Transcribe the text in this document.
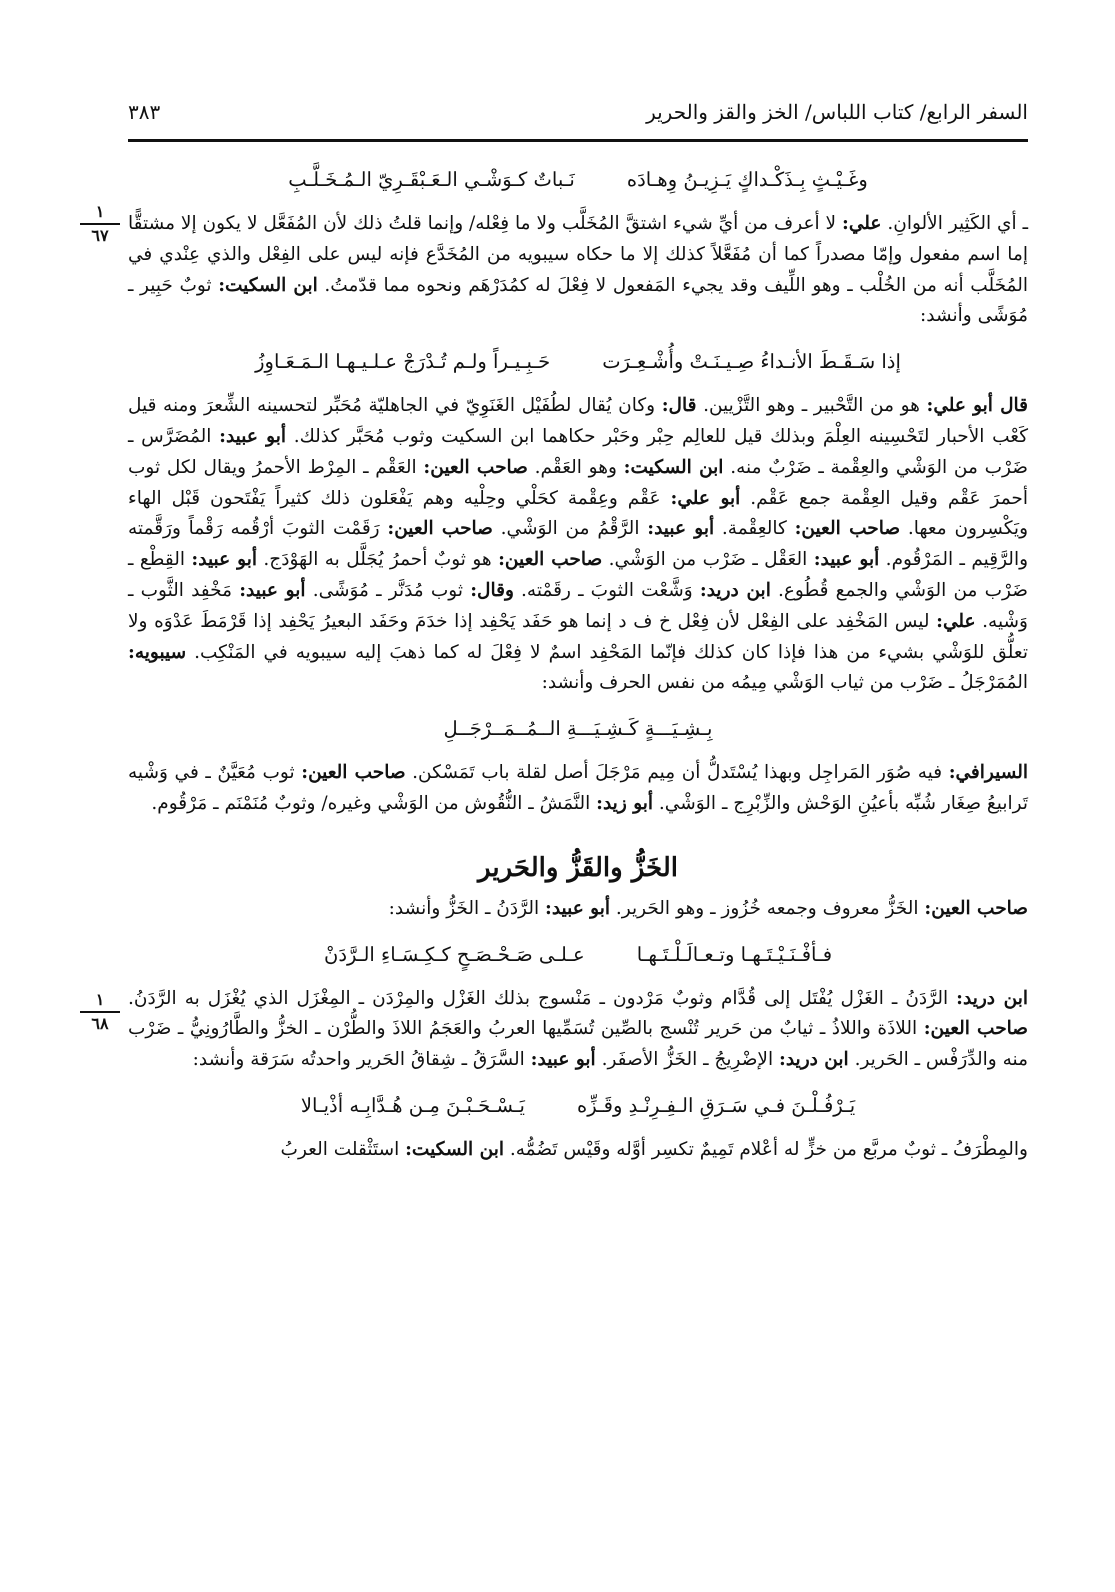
السفر الرابع/ كتاب اللباس/ الخز والقز والحرير
٣٨٣
١
٦٧
١
٦٨
وغَـيْـثٍ بِـذَكْـداكٍ يَـزِيـنُ وِهـادَه
نَـباتٌ كـوَشْـي الـعَـبْقَـرِيّ الـمُـخَـلَّـبِ

ـ أي الكَثِير الألوانِ. علي: لا أعرف من أيِّ شيء اشتقَّ المُخَلَّب ولا ما فِعْله/ وإنما قلتُ ذلك لأن المُفَعَّل لا يكون إلا مشتقًّا إما اسم مفعول وإمّا مصدراً كما أن مُفَعَّلاً كذلك إلا ما حكاه سيبويه من المُخَدَّع فإنه ليس على الفِعْل والذي عِنْدي في المُخَلَّب أنه من الخُلْب ـ وهو اللِّيف وقد يجيء المَفعول لا فِعْلَ له كمُدَرْهَم ونحوه مما قدّمتُ. ابن السكيت: ثوبٌ حَبِير ـ مُوَشًى وأنشد:

إذا سَـقَـطَ الأنـداءُ صِـيـنَـتْ وأُشْـعِـرَت
حَـبِـيـراً ولـم تُـدْرَجْ عـلـيـهـا الـمَـعَـاوِزُ

قال أبو علي: هو من التَّحْبير ـ وهو التَّزْيين. قال: وكان يُقال لطُفَيْل الغَنَوِيّ في الجاهليّة مُحَبِّر لتحسينه الشِّعرَ ومنه قيل كَعْب الأحبار لتَحْسِينه العِلْمَ وبذلك قيل للعالِم حِبْر وحَبْر حكاهما ابن السكيت وثوب مُحَبَّر كذلك. أبو عبيد: المُضَرَّس ـ ضَرْب من الوَشْي والعِقْمة ـ ضَرْبٌ منه. ابن السكيت: وهو العَقْم. صاحب العين: العَقْم ـ المِرْط الأحمرُ ويقال لكل ثوب أحمرَ عَقْم وقيل العِقْمة جمع عَقْم. أبو علي: عَقْم وعِقْمة كحَلْي وحِلْيه وهم يَفْعَلون ذلك كثيراً يَفْتَحون قَبْل الهاء ويَكْسِرون معها. صاحب العين: كالعِقْمة. أبو عبيد: الرَّقْمُ من الوَشْي. صاحب العين: رَقَمْت الثوبَ أرْقُمه رَقْماً ورَقَّمته والرَّقِيم ـ المَرْقُوم. أبو عبيد: العَقْل ـ ضَرْب من الوَشْي. صاحب العين: هو ثوبٌ أحمرُ يُجَلَّل به الهَوْدَج. أبو عبيد: القِطْع ـ ضَرْب من الوَشْي والجمع قُطُوع. ابن دريد: وَشَّعْت الثوبَ ـ رقَمْته. وقال: ثوب مُدَنَّر ـ مُوَشًى. أبو عبيد: مَخْفِد الثَّوب ـ وَشْيه. علي: ليس المَخْفِد على الفِعْل لأن فِعْل خ ف د إنما هو حَفَد يَحْفِد إذا خدَمَ وحَفَد البعيرُ يَحْفِد إذا قَرْمَطَ عَدْوَه ولا تعلُّق للوَشْي بشيء من هذا فإذا كان كذلك فإنّما المَحْفِد اسمٌ لا فِعْلَ له كما ذهبَ إليه سيبويه في المَنْكِب. سيبويه: المُمَرْجَلُ ـ ضَرْب من ثياب الوَشْي مِيمُه من نفس الحرف وأنشد:

بِـشِـيَـــةٍ كَـشِـيَـــةِ الــمُــمَــرْجَــلِ

السيرافي: فيه صُوَر المَراجِل وبهذا يُسْتَدلُّ أن مِيم مَرْجَلَ أصل لقلة باب تَمَسْكن. صاحب العين: ثوب مُعَيَّنٌ ـ في وَشْيه تَرابيعُ صِغَار شُبِّه بأعيُنِ الوَحْش والزِّبْرِج ـ الوَشْي. أبو زيد: النَّمَشُ ـ النُّقُوش من الوَشْي وغيره/ وثوبٌ مُنَمْنَم ـ مَرْقُوم.

الخَزُّ والقَزُّ والحَرير

صاحب العين: الخَزُّ معروف وجمعه خُزُوز ـ وهو الحَرير. أبو عبيد: الرَّدَنُ ـ الخَزُّ وأنشد:

فـأفْـنَـيْـتَـهـا وتـعـالَـلْـتَـهـا
عـلـى صَـحْـصَـحٍ كـكِـسَـاءِ الـرَّدَنْ

ابن دريد: الرَّدَنُ ـ الغَزْل يُفْتَل إلى قُدَّام وثوبٌ مَرْدون ـ مَنْسوج بذلك الغَزْل والمِرْدَن ـ المِغْزَل الذي يُغْزَل به الرَّدَنُ. صاحب العين: اللاذَة واللاذُ ـ ثيابٌ من حَرير تُنْسج بالصِّين تُسَمِّيها العربُ والعَجَمُ اللاذَ والطُّرْن ـ الخزُّ والطَّارُونِيُّ ـ ضَرْب منه والدِّرَفْس ـ الحَرير. ابن دريد: الإضْرِيجُ ـ الخَزُّ الأصفَر. أبو عبيد: السَّرَقُ ـ شِقاقُ الحَرير واحدتُه سَرَقة وأنشد:

يَـرْفُـلْـنَ فـي سَـرَقِ الـفِـرِنْـدِ وقَـزِّه
يَـسْـحَـبْـنَ مِـن هُـدَّابِـه أذْيـالا

والمِطْرَفُ ـ ثوبٌ مربَّع من خزٍّ له أعْلام تَمِيمٌ تكسِر أوَّله وقَيْس تَضُمُّه. ابن السكيت: استَثْقلت العربُ
